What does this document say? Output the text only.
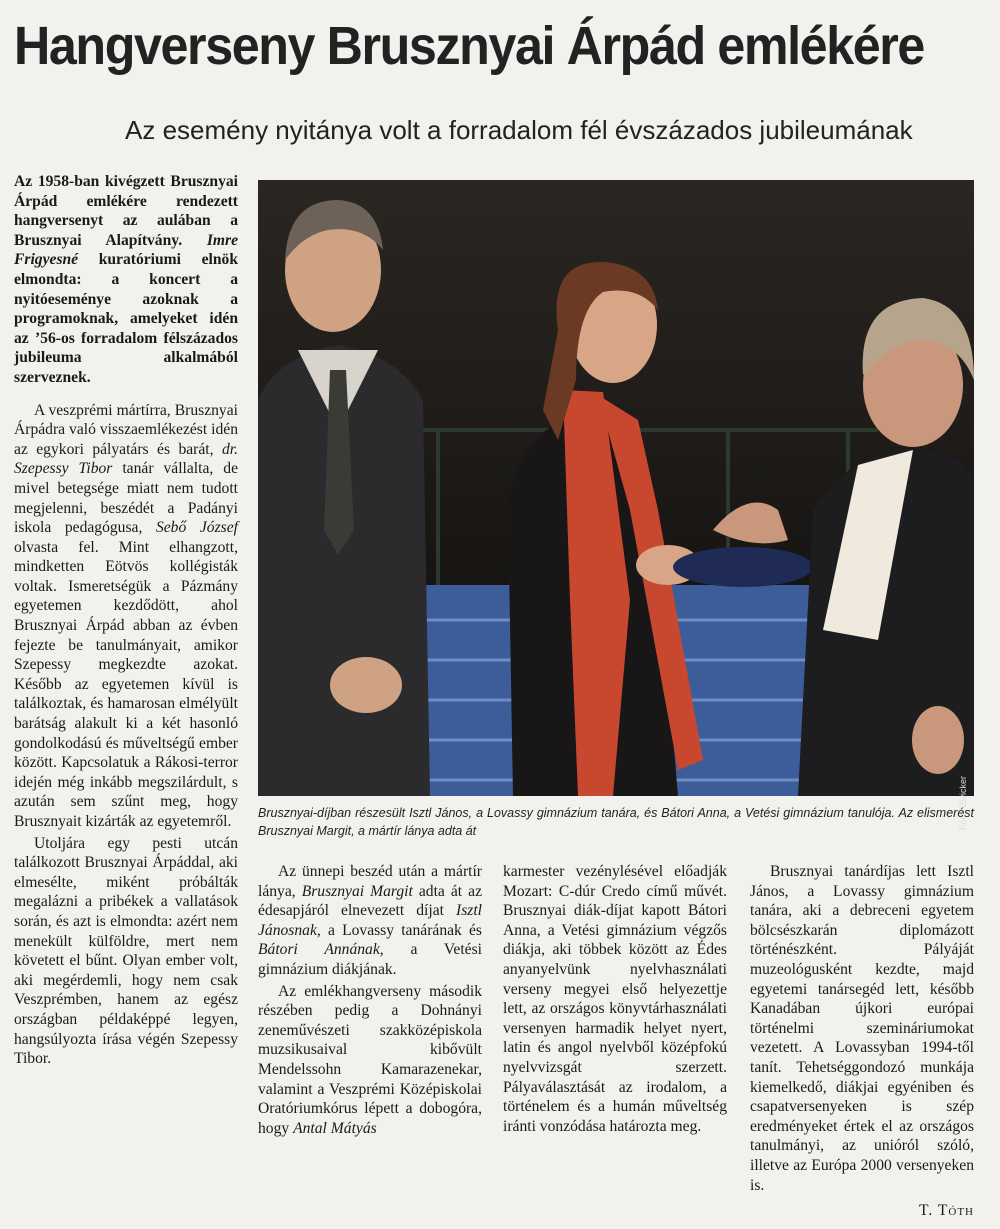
Hangverseny Brusznyai Árpád emlékére
Az esemény nyitánya volt a forradalom fél évszázados jubileumának

Az 1958-ban kivégzett Brusznyai Árpád emlékére rendezett hangversenyt az aulában a Brusznyai Alapítvány. Imre Frigyesné kuratóriumi elnök elmondta: a koncert a nyitóeseménye azoknak a programoknak, amelyeket idén az ’56-os forradalom félszázados jubileuma alkalmából szerveznek.

A veszprémi mártírra, Brusznyai Árpádra való visszaemlékezést idén az egykori pályatárs és barát, dr. Szepessy Tibor tanár vállalta, de mivel betegsége miatt nem tudott megjelenni, beszédét a Padányi iskola pedagógusa, Sebő József olvasta fel. Mint elhangzott, mindketten Eötvös kollégisták voltak. Ismeretségük a Pázmány egyetemen kezdődött, ahol Brusznyai Árpád abban az évben fejezte be tanulmányait, amikor Szepessy megkezdte azokat. Később az egyetemen kívül is találkoztak, és hamarosan elmélyült barátság alakult ki a két hasonló gondolkodású és műveltségű ember között. Kapcsolatuk a Rákosi-terror idején még inkább megszilárdult, s azután sem szűnt meg, hogy Brusznyait kizárták az egyetemről.

Utoljára egy pesti utcán találkozott Brusznyai Árpáddal, aki elmesélte, miként próbálták megalázni a pribékek a vallatások során, és azt is elmondta: azért nem menekült külföldre, mert nem követett el bűnt. Olyan ember volt, aki megérdemli, hogy nem csak Veszprémben, hanem az egész országban példaképpé legyen, hangsúlyozta írása végén Szepessy Tibor.

Fotó: Zwicker

Brusznyai-díjban részesült Isztl János, a Lovassy gimnázium tanára, és Bátori Anna, a Vetési gimnázium tanulója. Az elismerést Brusznyai Margit, a mártír lánya adta át

Az ünnepi beszéd után a mártír lánya, Brusznyai Margit adta át az édesapjáról elnevezett díjat Isztl Jánosnak, a Lovassy tanárának és Bátori Annának, a Vetési gimnázium diákjának.

Az emlékhangverseny második részében pedig a Dohnányi zeneművészeti szakközépiskola muzsikusaival kibővült Mendelssohn Kamarazenekar, valamint a Veszprémi Középiskolai Oratóriumkórus lépett a dobogóra, hogy Antal Mátyás

karmester vezénylésével előadják Mozart: C-dúr Credo című művét. Brusznyai diák-díjat kapott Bátori Anna, a Vetési gimnázium végzős diákja, aki többek között az Édes anyanyelvünk nyelvhasználati verseny megyei első helyezettje lett, az országos könyvtárhasználati versenyen harmadik helyet nyert, latin és angol nyelvből középfokú nyelvvizsgát szerzett. Pályaválasztását az irodalom, a történelem és a humán műveltség iránti vonzódása határozta meg.

Brusznyai tanárdíjas lett Isztl János, a Lovassy gimnázium tanára, aki a debreceni egyetem bölcsészkarán diplomázott történészként. Pályáját muzeológusként kezdte, majd egyetemi tanársegéd lett, később Kanadában újkori európai történelmi szemináriumokat vezetett. A Lovassyban 1994-től tanít. Tehetséggondozó munkája kiemelkedő, diákjai egyéniben és csapatversenyeken is szép eredményeket értek el az országos tanulmányi, az unióról szóló, illetve az Európa 2000 versenyeken is.

T. Tóth
